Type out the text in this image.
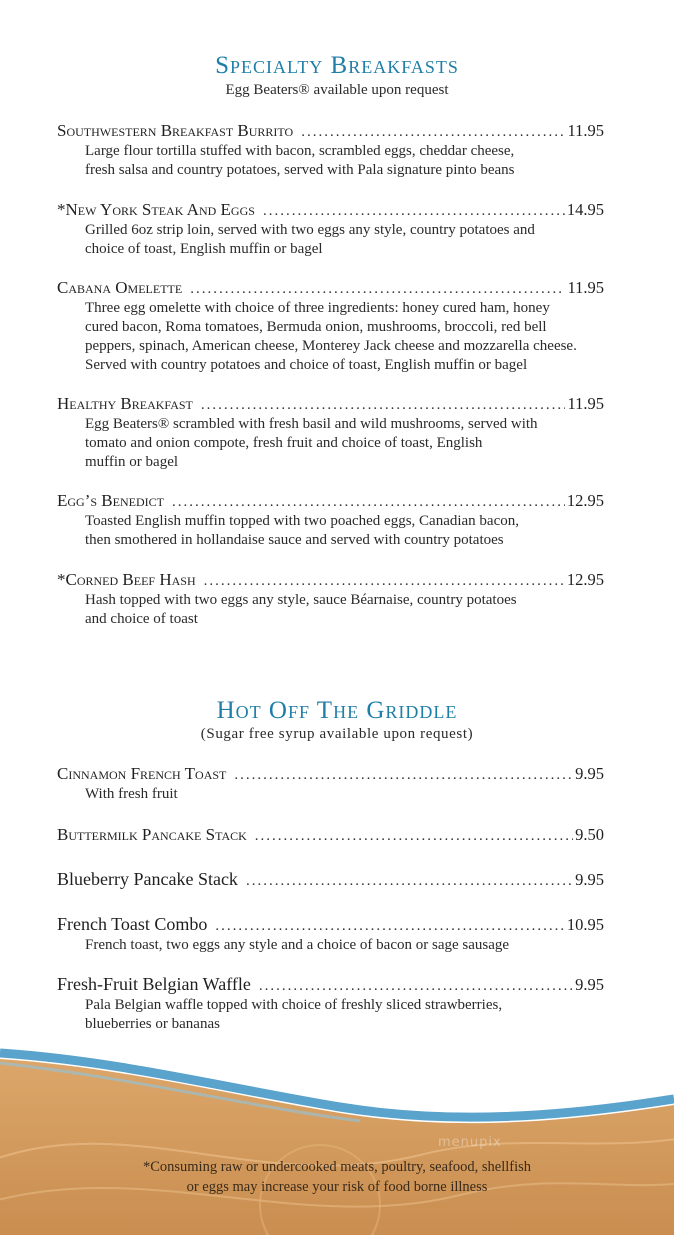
Specialty Breakfasts
Egg Beaters® available upon request
Southwestern Breakfast Burrito .....	11.95
Large flour tortilla stuffed with bacon, scrambled eggs, cheddar cheese,
fresh salsa and country potatoes, served with Pala signature pinto beans
*New York Steak And Eggs .....	14.95
Grilled 6oz strip loin, served with two eggs any style, country potatoes and
choice of toast, English muffin or bagel
Cabana Omelette .....	11.95
Three egg omelette with choice of three ingredients: honey cured ham, honey
cured bacon, Roma tomatoes, Bermuda onion, mushrooms, broccoli, red bell
peppers, spinach, American cheese, Monterey Jack cheese and mozzarella cheese.
Served with country potatoes and choice of toast, English muffin or bagel
Healthy Breakfast .....	11.95
Egg Beaters® scrambled with fresh basil and wild mushrooms, served with
tomato and onion compote, fresh fruit and choice of toast, English
muffin or bagel
Egg’s Benedict .....	12.95
Toasted English muffin topped with two poached eggs, Canadian bacon,
then smothered in hollandaise sauce and served with country potatoes
*Corned Beef Hash .....	12.95
Hash topped with two eggs any style, sauce Béarnaise, country potatoes
and choice of toast
Hot Off The Griddle
(Sugar free syrup available upon request)
Cinnamon French Toast .....	9.95
With fresh fruit
Buttermilk Pancake Stack .....	9.50
Blueberry Pancake Stack .....	9.95
French Toast Combo .....	10.95
French toast, two eggs any style and a choice of bacon or sage sausage
Fresh-Fruit Belgian Waffle .....	9.95
Pala Belgian waffle topped with choice of freshly sliced strawberries,
blueberries or bananas
menupix
*Consuming raw or undercooked meats, poultry, seafood, shellfish
or eggs may increase your risk of food borne illness
